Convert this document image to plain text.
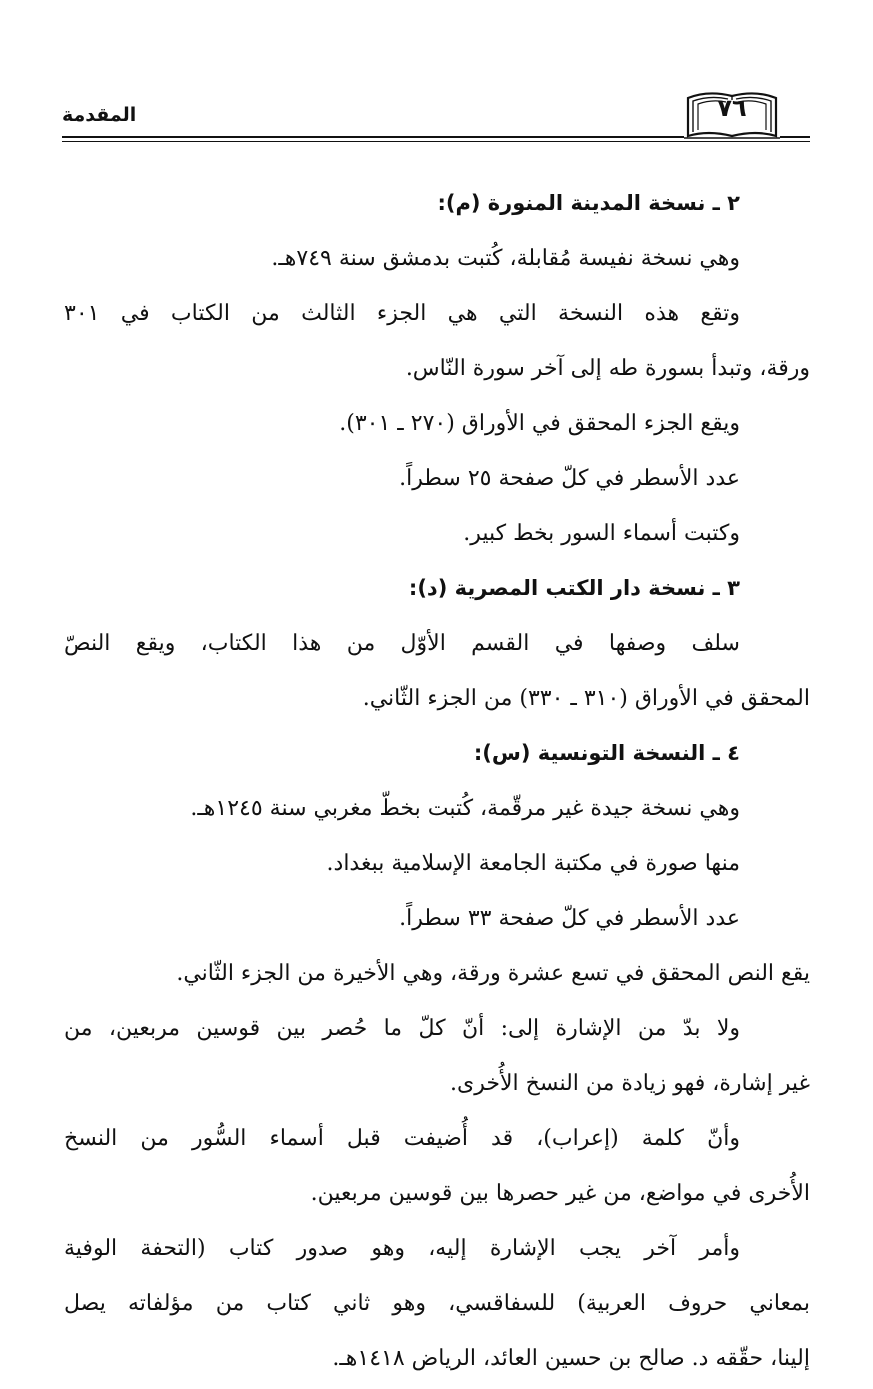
المقدمة	٧٦
٢ ـ نسخة المدينة المنورة (م):
وهي نسخة نفيسة مُقابلة، كُتبت بدمشق سنة ٧٤٩هـ.
وتقع هذه النسخة التي هي الجزء الثالث من الكتاب في ٣٠١
ورقة، وتبدأ بسورة طه إلى آخر سورة النّاس.
ويقع الجزء المحقق في الأوراق (٢٧٠ ـ ٣٠١).
عدد الأسطر في كلّ صفحة ٢٥ سطراً.
وكتبت أسماء السور بخط كبير.
٣ ـ نسخة دار الكتب المصرية (د):
سلف وصفها في القسم الأوّل من هذا الكتاب، ويقع النصّ
المحقق في الأوراق (٣١٠ ـ ٣٣٠) من الجزء الثّاني.
٤ ـ النسخة التونسية (س):
وهي نسخة جيدة غير مرقّمة، كُتبت بخطّ مغربي سنة ١٢٤٥هـ.
منها صورة في مكتبة الجامعة الإسلامية ببغداد.
عدد الأسطر في كلّ صفحة ٣٣ سطراً.
يقع النص المحقق في تسع عشرة ورقة، وهي الأخيرة من الجزء الثّاني.
ولا بدّ من الإشارة إلى: أنّ كلّ ما حُصر بين قوسين مربعين، من
غير إشارة، فهو زيادة من النسخ الأُخرى.
وأنّ كلمة (إعراب)، قد أُضيفت قبل أسماء السُّور من النسخ
الأُخرى في مواضع، من غير حصرها بين قوسين مربعين.
وأمر آخر يجب الإشارة إليه، وهو صدور كتاب (التحفة الوفية
بمعاني حروف العربية) للسفاقسي، وهو ثاني كتاب من مؤلفاته يصل
إلينا، حقّقه د. صالح بن حسين العائد، الرياض ١٤١٨هـ.
